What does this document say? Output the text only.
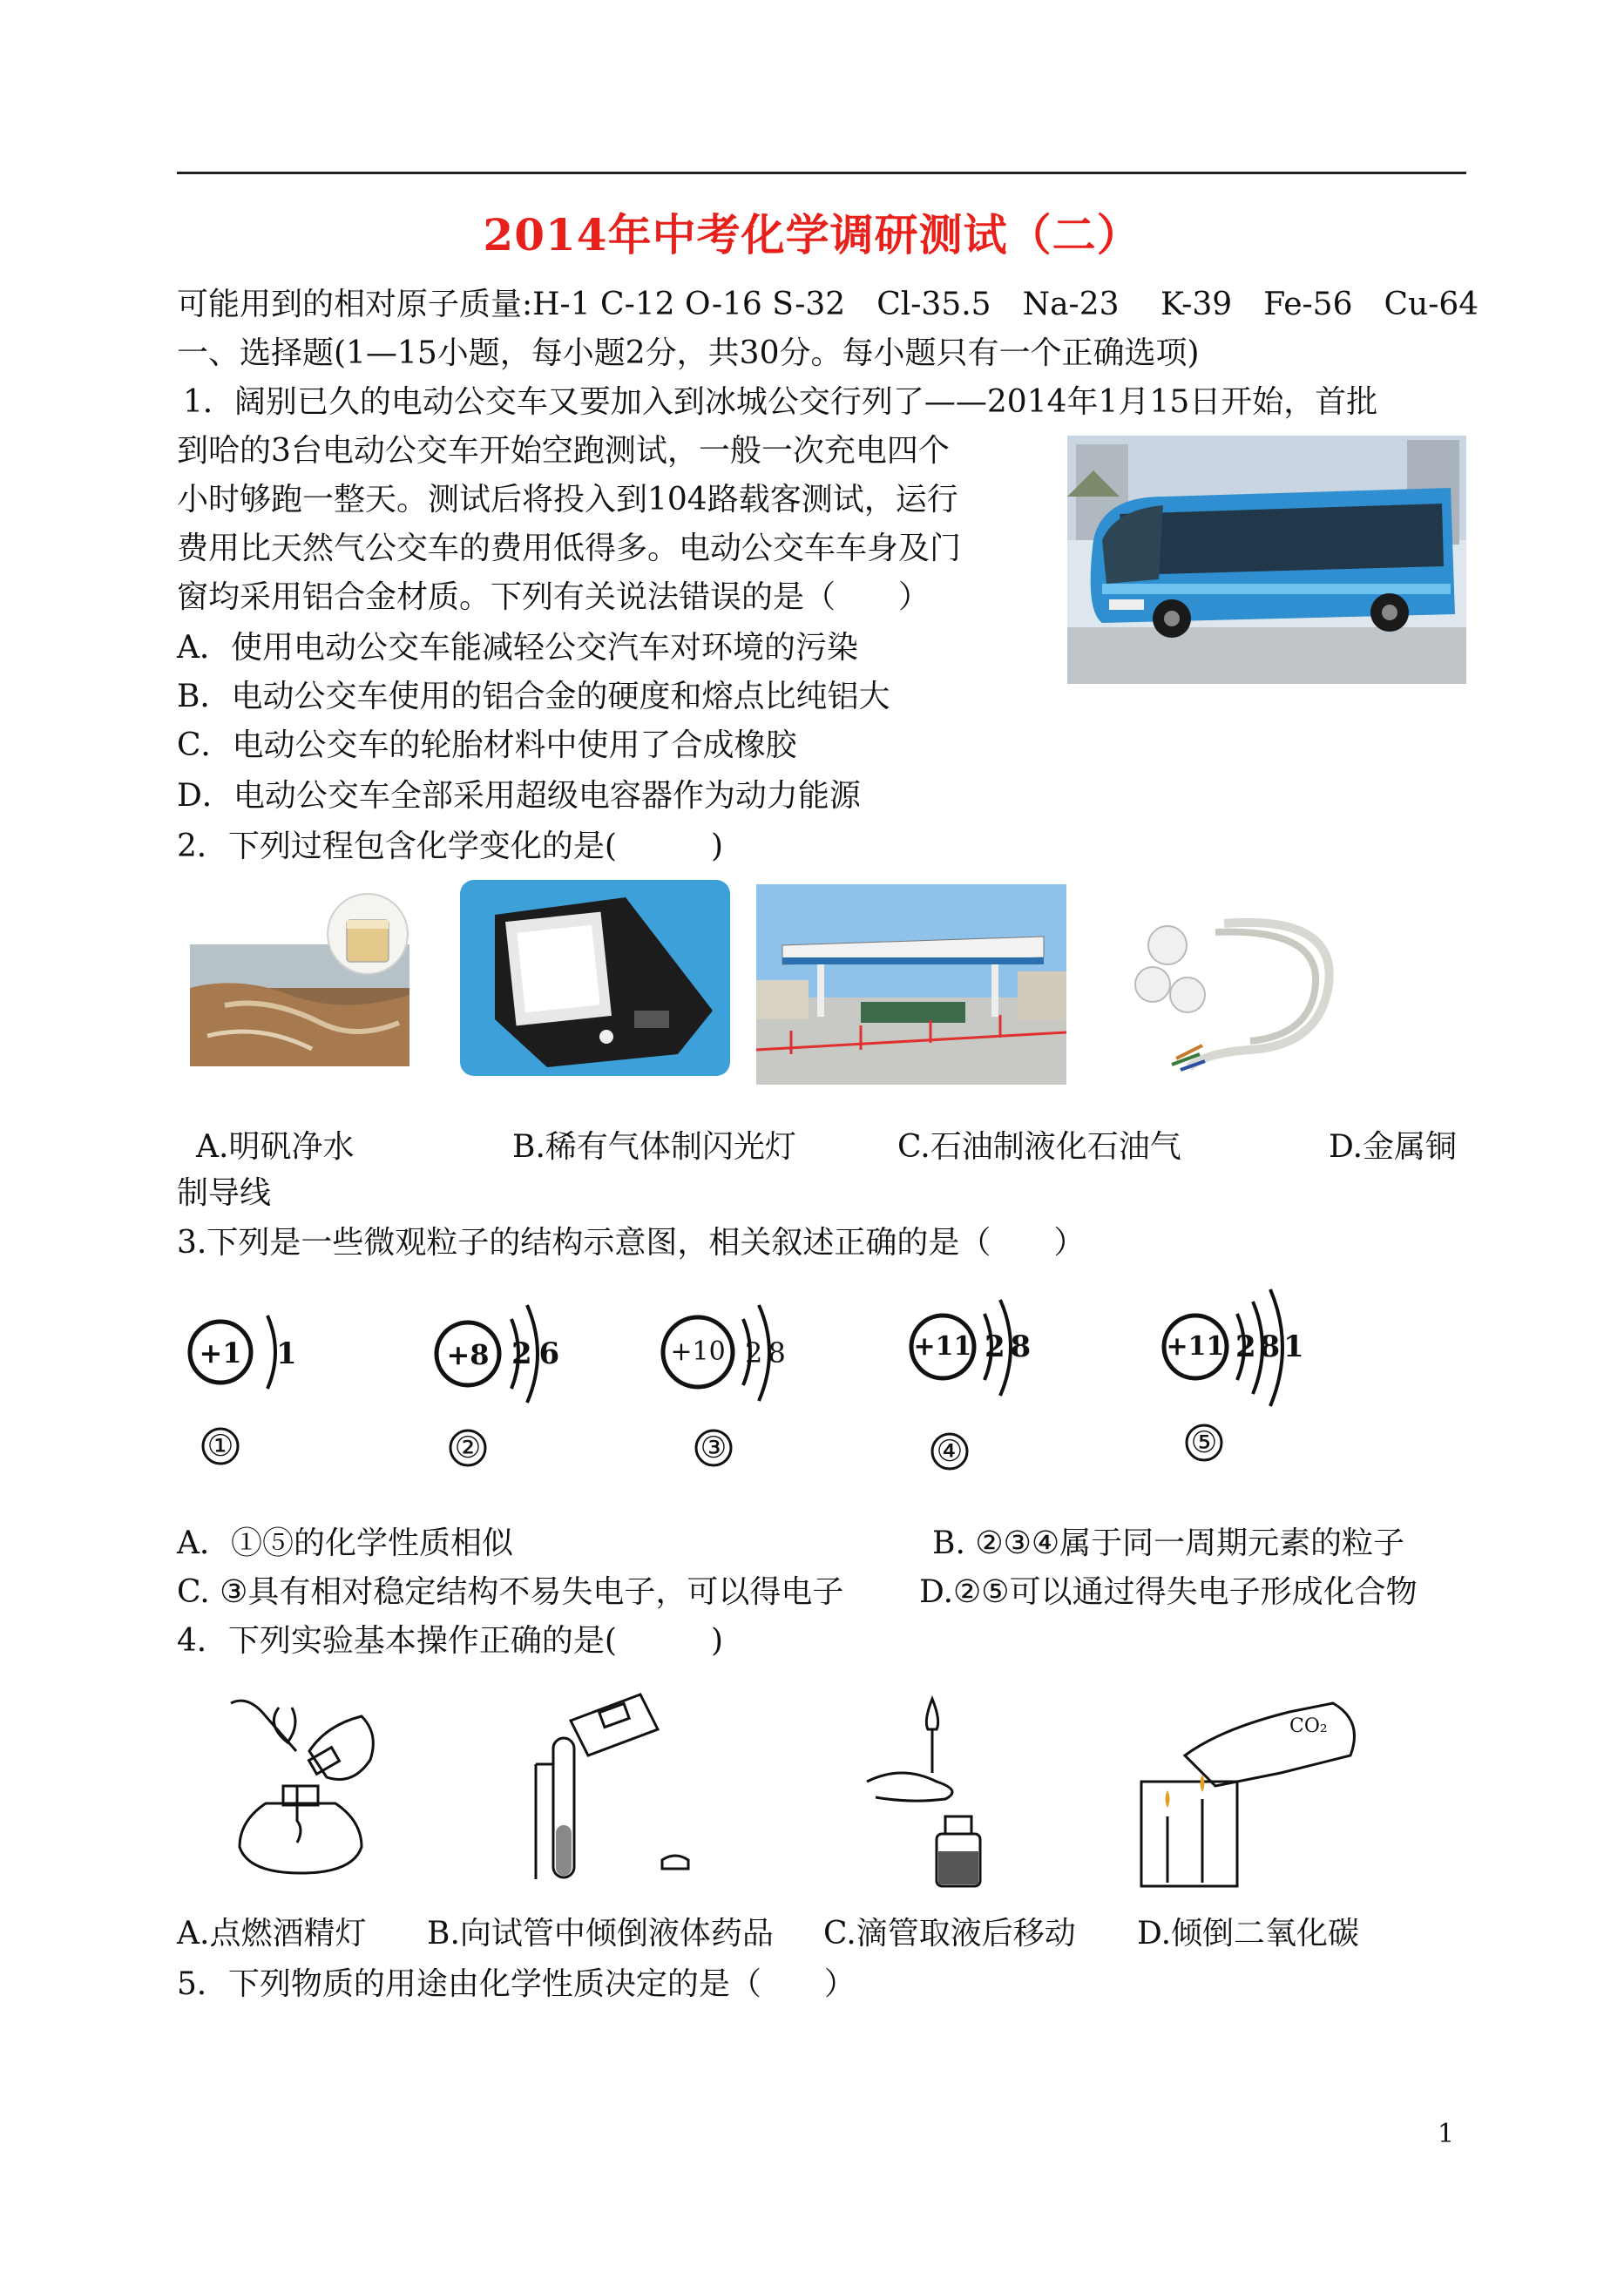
2014年中考化学调研测试（二）
可能用到的相对原子质量:H-1 C-12 O-16 S-32　Cl-35.5　Na-23　 K-39　Fe-56　Cu-64
一、选择题(1—15小题，每小题2分，共30分。每小题只有一个正确选项)
1．阔别已久的电动公交车又要加入到冰城公交行列了——2014年1月15日开始，首批
到哈的3台电动公交车开始空跑测试，一般一次充电四个
小时够跑一整天。测试后将投入到104路载客测试，运行
费用比天然气公交车的费用低得多。电动公交车车身及门
窗均采用铝合金材质。下列有关说法错误的是（　　）
A．使用电动公交车能减轻公交汽车对环境的污染
B．电动公交车使用的铝合金的硬度和熔点比纯铝大
C．电动公交车的轮胎材料中使用了合成橡胶
D．电动公交车全部采用超级电容器作为动力能源
2．下列过程包含化学变化的是(　　　)
A.明矾净水	B.稀有气体制闪光灯	C.石油制液化石油气	D.金属铜
制导线
3.下列是一些微观粒子的结构示意图，相关叙述正确的是（　　）
+1	1
①
+8 2 6
②
+10 2 8
③
+11 2 8
④
+11 2 8 1
⑤
A．①⑤的化学性质相似	B. ②③④属于同一周期元素的粒子
C. ③具有相对稳定结构不易失电子，可以得电子 D.②⑤可以通过得失电子形成化合物
4．下列实验基本操作正确的是(　　　)
CO₂
A.点燃酒精灯 B.向试管中倾倒液体药品 C.滴管取液后移动 D.倾倒二氧化碳
5．下列物质的用途由化学性质决定的是（　　）
1
